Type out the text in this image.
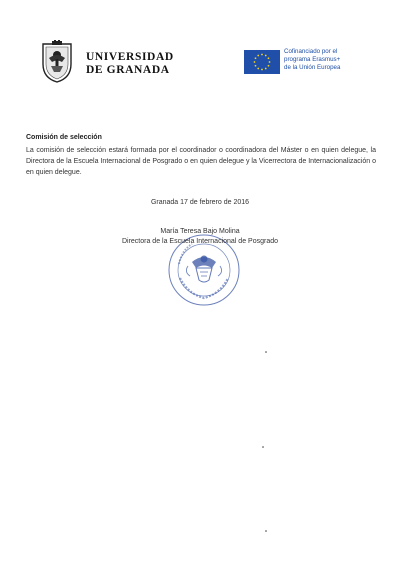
UNIVERSIDAD
DE GRANADA
Cofinanciado por el
programa Erasmus+
de la Unión Europea
Comisión de selección

La comisión de selección estará formada por el coordinador o coordinadora del Máster o en quien delegue, la Directora de la Escuela Internacional de Posgrado o en quien delegue y la Vicerrectora de Internacionalización o en quien delegue.

Granada 17 de febrero de 2016
María Teresa Bajo Molina
Directora de la Escuela Internacional de Posgrado
